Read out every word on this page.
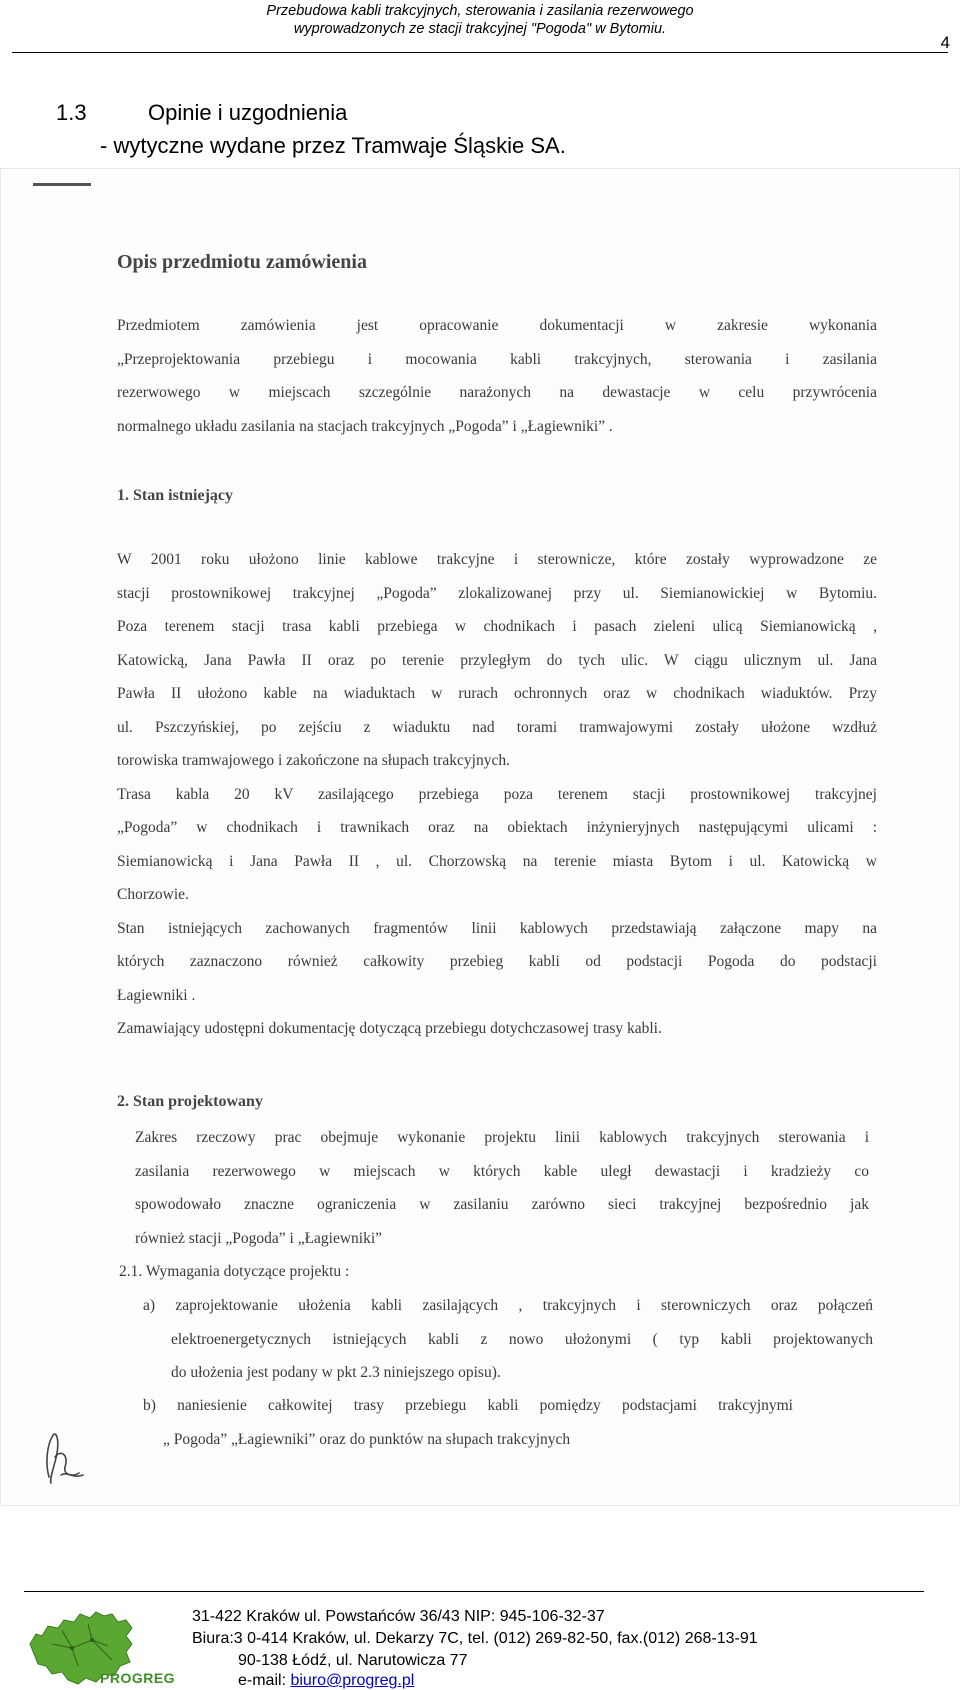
Przebudowa kabli trakcyjnych, sterowania i zasilania rezerwowego
wyprowadzonych ze stacji trakcyjnej "Pogoda" w Bytomiu.
4
1.3	Opinie i uzgodnienia
- wytyczne wydane przez Tramwaje Śląskie SA.
Opis przedmiotu zamówienia
Przedmiotem zamówienia jest opracowanie dokumentacji w zakresie wykonania
„Przeprojektowania przebiegu i mocowania kabli trakcyjnych, sterowania i zasilania
rezerwowego w miejscach szczególnie narażonych na dewastacje w celu przywrócenia
normalnego układu zasilania na stacjach trakcyjnych „Pogoda” i „Łagiewniki” .
1. Stan istniejący
W 2001 roku ułożono linie kablowe trakcyjne i sterownicze, które zostały wyprowadzone ze
stacji prostownikowej trakcyjnej „Pogoda” zlokalizowanej przy ul. Siemianowickiej w Bytomiu.
Poza terenem stacji trasa kabli przebiega w chodnikach i pasach zieleni ulicą Siemianowicką ,
Katowicką, Jana Pawła II oraz po terenie przyległym do tych ulic. W ciągu ulicznym ul. Jana
Pawła II ułożono kable na wiaduktach w rurach ochronnych oraz w chodnikach wiaduktów. Przy
ul. Pszczyńskiej, po zejściu z wiaduktu nad torami tramwajowymi zostały ułożone wzdłuż
torowiska tramwajowego i zakończone na słupach trakcyjnych.
Trasa kabla 20 kV zasilającego przebiega poza terenem stacji prostownikowej trakcyjnej
„Pogoda” w chodnikach i trawnikach oraz na obiektach inżynieryjnych następującymi ulicami :
Siemianowicką i Jana Pawła II , ul. Chorzowską na terenie miasta Bytom i ul. Katowicką w
Chorzowie.
Stan istniejących zachowanych fragmentów linii kablowych przedstawiają załączone mapy na
których zaznaczono również całkowity przebieg kabli od podstacji Pogoda do podstacji
Łagiewniki .
Zamawiający udostępni dokumentację dotyczącą przebiegu dotychczasowej trasy kabli.
2. Stan projektowany
Zakres rzeczowy prac obejmuje wykonanie projektu linii kablowych trakcyjnych sterowania i
zasilania rezerwowego w miejscach w których kable uległ dewastacji i kradzieży co
spowodowało znaczne ograniczenia w zasilaniu zarówno sieci trakcyjnej bezpośrednio jak
również stacji „Pogoda” i „Łagiewniki”
2.1. Wymagania dotyczące projektu :
a) zaprojektowanie ułożenia kabli zasilających , trakcyjnych i sterowniczych oraz połączeń
elektroenergetycznych istniejących kabli z nowo ułożonymi ( typ kabli projektowanych
do ułożenia jest podany w pkt 2.3 niniejszego opisu).
b) naniesienie całkowitej trasy przebiegu kabli pomiędzy podstacjami trakcyjnymi
„ Pogoda” „Łagiewniki” oraz do punktów na słupach trakcyjnych
PROGREG
31-422 Kraków ul. Powstańców 36/43 NIP: 945-106-32-37
Biura:3 0-414 Kraków, ul. Dekarzy 7C, tel. (012) 269-82-50, fax.(012) 268-13-91
90-138 Łódź, ul. Narutowicza 77
e-mail: biuro@progreg.pl
